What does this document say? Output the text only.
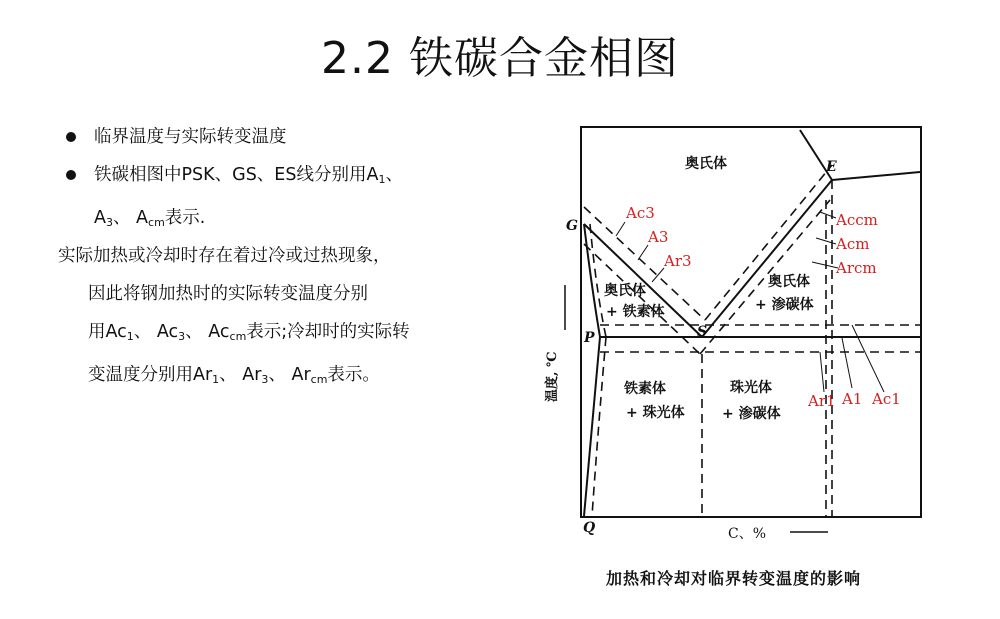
2.2 铁碳合金相图
临界温度与实际转变温度
铁碳相图中PSK、GS、ES线分别用$A_1$、
$A_3$、 $A_{cm}$表示.
实际加热或冷却时存在着过冷或过热现象，
因此将钢加热时的实际转变温度分别
用$Ac_1$、 $Ac_3$、 $Ac_{cm}$表示;冷却时的实际转
变温度分别用$Ar_1$、 $Ar_3$、 $Ar_{cm}$表示。
奥氏体
奥氏体
+ 铁素体
奥氏体
+ 渗碳体
铁素体
+ 珠光体
珠光体
+ 渗碳体
G
E
P	S
Q
温度, ℃
C、%
Ac3
A3
Ar3
Accm
Acm
Arcm
Ar1 A1 Ac1
加热和冷却对临界转变温度的影响
